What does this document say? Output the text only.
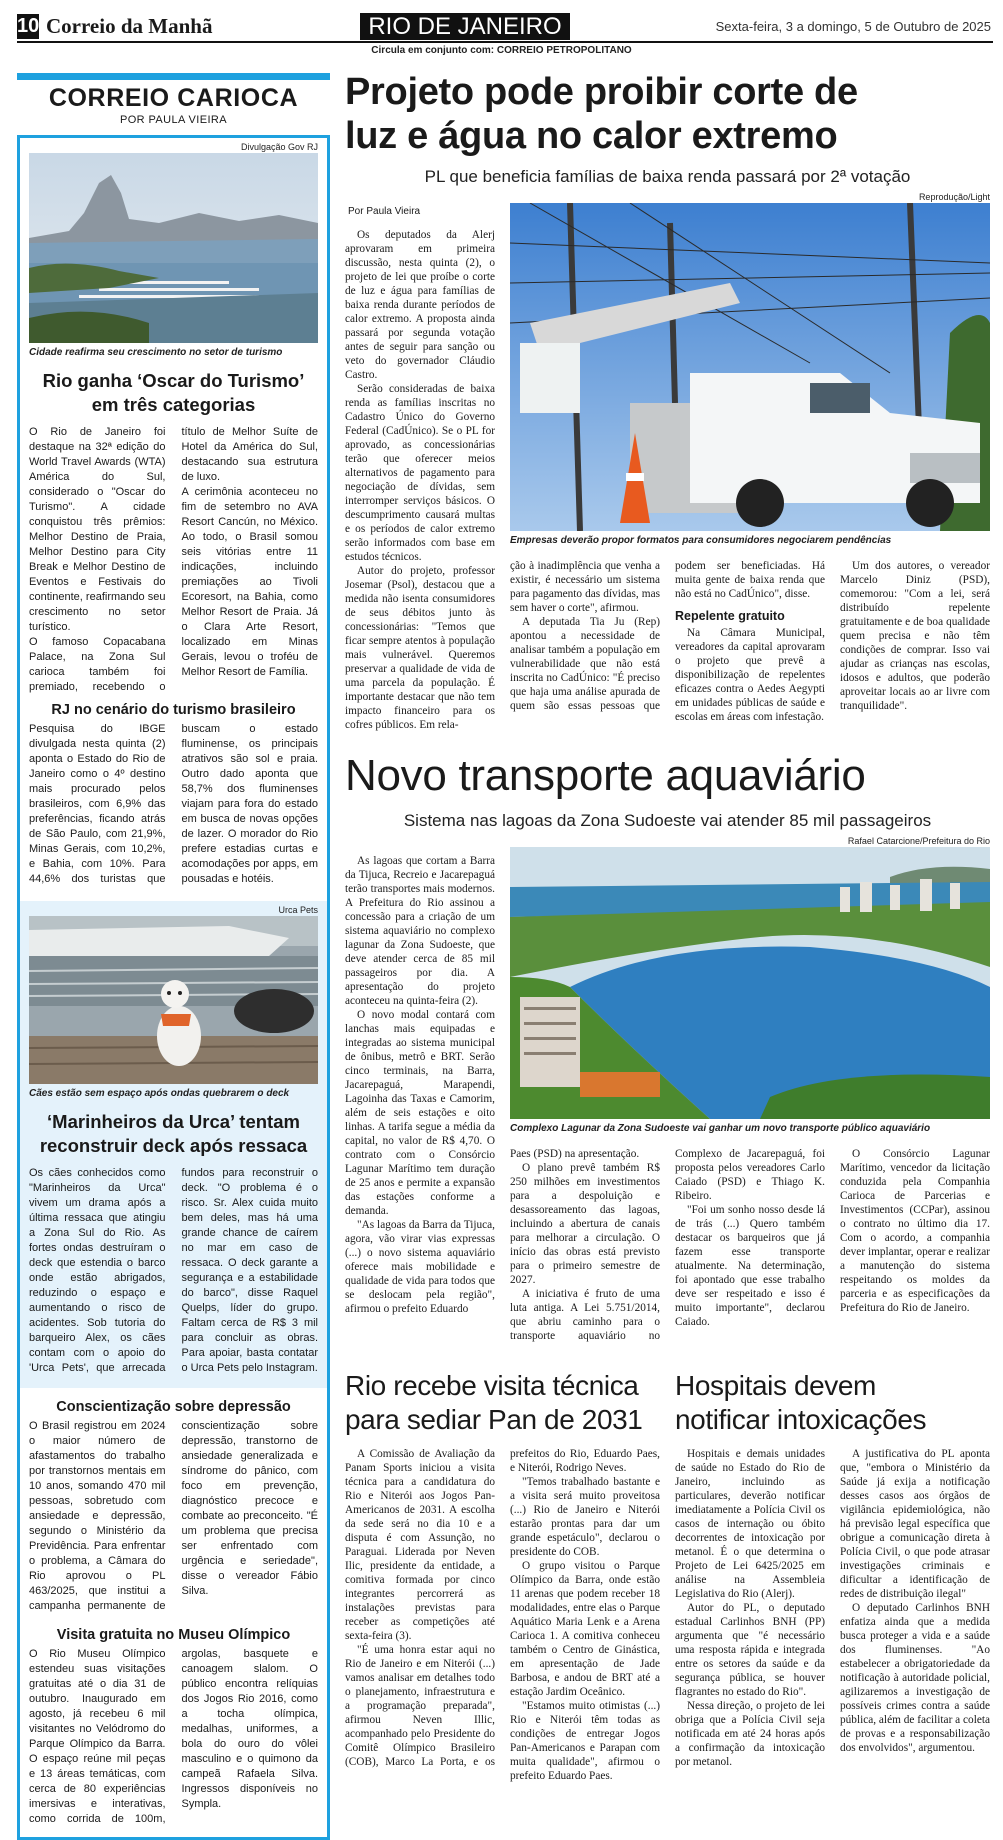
10 Correio da Manhã	RIO DE JANEIRO	Sexta-feira, 3 a domingo, 5 de Outubro de 2025
Circula em conjunto com: CORREIO PETROPOLITANO
CORREIO CARIOCA
POR PAULA VIEIRA
Divulgação Gov RJ
Cidade reafirma seu crescimento no setor de turismo
Rio ganha ‘Oscar do Turismo’ em três categorias

O Rio de Janeiro foi destaque na 32ª edição do World Travel Awards (WTA) América do Sul, considerado o "Oscar do Turismo". A cidade conquistou três prêmios: Melhor Destino de Praia, Melhor Destino para City Break e Melhor Destino de Eventos e Festivais do continente, reafirmando seu crescimento no setor turístico.

O famoso Copacabana Palace, na Zona Sul carioca também foi premiado, recebendo o título de Melhor Suíte de Hotel da América do Sul, destacando sua estrutura de luxo.

A cerimônia aconteceu no fim de setembro no AVA Resort Cancún, no México. Ao todo, o Brasil somou seis vitórias entre 11 indicações, incluindo premiações ao Tivoli Ecoresort, na Bahia, como Melhor Resort de Praia. Já o Clara Arte Resort, localizado em Minas Gerais, levou o troféu de Melhor Resort de Família.

RJ no cenário do turismo brasileiro

Pesquisa do IBGE divulgada nesta quinta (2) aponta o Estado do Rio de Janeiro como o 4º destino mais procurado pelos brasileiros, com 6,9% das preferências, ficando atrás de São Paulo, com 21,9%, Minas Gerais, com 10,2%, e Bahia, com 10%. Para 44,6% dos turistas que buscam o estado fluminense, os principais atrativos são sol e praia. Outro dado aponta que 58,7% dos fluminenses viajam para fora do estado em busca de novas opções de lazer. O morador do Rio prefere estadias curtas e acomodações por apps, em pousadas e hotéis.

Urca Pets
Cães estão sem espaço após ondas quebrarem o deck
‘Marinheiros da Urca’ tentam reconstruir deck após ressaca

Os cães conhecidos como "Marinheiros da Urca" vivem um drama após a última ressaca que atingiu a Zona Sul do Rio. As fortes ondas destruíram o deck que estendia o barco onde estão abrigados, reduzindo o espaço e aumentando o risco de acidentes. Sob tutoria do barqueiro Alex, os cães contam com o apoio do 'Urca Pets', que arrecada fundos para reconstruir o deck. "O problema é o risco. Sr. Alex cuida muito bem deles, mas há uma grande chance de caírem no mar em caso de ressaca. O deck garante a segurança e a estabilidade do barco", disse Raquel Quelps, líder do grupo. Faltam cerca de R$ 3 mil para concluir as obras. Para apoiar, basta contatar o Urca Pets pelo Instagram.

Conscientização sobre depressão

O Brasil registrou em 2024 o maior número de afastamentos do trabalho por transtornos mentais em 10 anos, somando 470 mil pessoas, sobretudo com ansiedade e depressão, segundo o Ministério da Previdência. Para enfrentar o problema, a Câmara do Rio aprovou o PL 463/2025, que institui a campanha permanente de conscientização sobre depressão, transtorno de ansiedade generalizada e síndrome do pânico, com foco em prevenção, diagnóstico precoce e combate ao preconceito. "É um problema que precisa ser enfrentado com urgência e seriedade", disse o vereador Fábio Silva.

Visita gratuita no Museu Olímpico

O Rio Museu Olímpico estendeu suas visitações gratuitas até o dia 31 de outubro. Inaugurado em agosto, já recebeu 6 mil visitantes no Velódromo do Parque Olímpico da Barra. O espaço reúne mil peças e 13 áreas temáticas, com cerca de 80 experiências imersivas e interativas, como corrida de 100m, argolas, basquete e canoagem slalom. O público encontra relíquias dos Jogos Rio 2016, como a tocha olímpica, medalhas, uniformes, a bola do ouro do vôlei masculino e o quimono da campeã Rafaela Silva. Ingressos disponíveis no Sympla.

Projeto pode proibir corte de
luz e água no calor extremo
PL que beneficia famílias de baixa renda passará por 2ª votação
Por Paula Vieira

Os deputados da Alerj aprovaram em primeira discussão, nesta quinta (2), o projeto de lei que proíbe o corte de luz e água para famílias de baixa renda durante períodos de calor extremo. A proposta ainda passará por segunda votação antes de seguir para sanção ou veto do governador Cláudio Castro.

Serão consideradas de baixa renda as famílias inscritas no Cadastro Único do Governo Federal (CadÚnico). Se o PL for aprovado, as concessionárias terão que oferecer meios alternativos de pagamento para negociação de dívidas, sem interromper serviços básicos. O descumprimento causará multas e os períodos de calor extremo serão informados com base em estudos técnicos.

Autor do projeto, professor Josemar (Psol), destacou que a medida não isenta consumidores de seus débitos junto às concessionárias: "Temos que ficar sempre atentos à população mais vulnerável. Queremos preservar a qualidade de vida de uma parcela da população. É importante destacar que não tem impacto financeiro para os cofres públicos. Em rela-

Reprodução/Light
Empresas deverão propor formatos para consumidores negociarem pendências

ção à inadimplência que venha a existir, é necessário um sistema para pagamento das dívidas, mas sem haver o corte", afirmou.

A deputada Tia Ju (Rep) apontou a necessidade de analisar também a população em vulnerabilidade que não está inscrita no CadÚnico: "É preciso que haja uma análise apurada de quem são essas pessoas que podem ser beneficiadas. Há muita gente de baixa renda que não está no CadÚnico", disse.

Repelente gratuito

Na Câmara Municipal, vereadores da capital aprovaram o projeto que prevê a disponibilização de repelentes eficazes contra o Aedes Aegypti em unidades públicas de saúde e escolas em áreas com infestação.

Um dos autores, o vereador Marcelo Diniz (PSD), comemorou: "Com a lei, será distribuído repelente gratuitamente e de boa qualidade quem precisa e não têm condições de comprar. Isso vai ajudar as crianças nas escolas, idosos e adultos, que poderão aproveitar locais ao ar livre com tranquilidade".

Novo transporte aquaviário
Sistema nas lagoas da Zona Sudoeste vai atender 85 mil passageiros

As lagoas que cortam a Barra da Tijuca, Recreio e Jacarepaguá terão transportes mais modernos. A Prefeitura do Rio assinou a concessão para a criação de um sistema aquaviário no complexo lagunar da Zona Sudoeste, que deve atender cerca de 85 mil passageiros por dia. A apresentação do projeto aconteceu na quinta-feira (2).

O novo modal contará com lanchas mais equipadas e integradas ao sistema municipal de ônibus, metrô e BRT. Serão cinco terminais, na Barra, Jacarepaguá, Marapendi, Lagoinha das Taxas e Camorim, além de seis estações e oito linhas. A tarifa segue a média da capital, no valor de R$ 4,70. O contrato com o Consórcio Lagunar Marítimo tem duração de 25 anos e permite a expansão das estações conforme a demanda.

"As lagoas da Barra da Tijuca, agora, vão virar vias expressas (...) o novo sistema aquaviário oferece mais mobilidade e qualidade de vida para todos que se deslocam pela região", afirmou o prefeito Eduardo

Rafael Catarcione/Prefeitura do Rio
Complexo Lagunar da Zona Sudoeste vai ganhar um novo transporte público aquaviário

Paes (PSD) na apresentação.

O plano prevê também R$ 250 milhões em investimentos para a despoluição e desassoreamento das lagoas, incluindo a abertura de canais para melhorar a circulação. O início das obras está previsto para o primeiro semestre de 2027.

A iniciativa é fruto de uma luta antiga. A Lei 5.751/2014, que abriu caminho para o transporte aquaviário no Complexo de Jacarepaguá, foi proposta pelos vereadores Carlo Caiado (PSD) e Thiago K. Ribeiro.

"Foi um sonho nosso desde lá de trás (...) Quero também destacar os barqueiros que já fazem esse transporte atualmente. Na determinação, foi apontado que esse trabalho deve ser respeitado e isso é muito importante", declarou Caiado.

O Consórcio Lagunar Marítimo, vencedor da licitação conduzida pela Companhia Carioca de Parcerias e Investimentos (CCPar), assinou o contrato no último dia 17. Com o acordo, a companhia dever implantar, operar e realizar a manutenção do sistema respeitando os moldes da parceria e as especificações da Prefeitura do Rio de Janeiro.

Rio recebe visita técnica
para sediar Pan de 2031

A Comissão de Avaliação da Panam Sports iniciou a visita técnica para a candidatura do Rio e Niterói aos Jogos Pan-Americanos de 2031. A escolha da sede será no dia 10 e a disputa é com Assunção, no Paraguai. Liderada por Neven Ilic, presidente da entidade, a comitiva formada por cinco integrantes percorrerá as instalações previstas para receber as competições até sexta-feira (3).

"É uma honra estar aqui no Rio de Janeiro e em Niterói (...) vamos analisar em detalhes todo o planejamento, infraestrutura e a programação preparada", afirmou Neven Illic, acompanhado pelo Presidente do Comitê Olímpico Brasileiro (COB), Marco La Porta, e os prefeitos do Rio, Eduardo Paes, e Niterói, Rodrigo Neves.

"Temos trabalhado bastante e a visita será muito proveitosa (...) Rio de Janeiro e Niterói estarão prontas para dar um grande espetáculo", declarou o presidente do COB.

O grupo visitou o Parque Olímpico da Barra, onde estão 11 arenas que podem receber 18 modalidades, entre elas o Parque Aquático Maria Lenk e a Arena Carioca 1. A comitiva conheceu também o Centro de Ginástica, em apresentação de Jade Barbosa, e andou de BRT até a estação Jardim Oceânico.

"Estamos muito otimistas (...) Rio e Niterói têm todas as condições de entregar Jogos Pan-Americanos e Parapan com muita qualidade", afirmou o prefeito Eduardo Paes.

Hospitais devem
notificar intoxicações

Hospitais e demais unidades de saúde no Estado do Rio de Janeiro, incluindo as particulares, deverão notificar imediatamente a Polícia Civil os casos de internação ou óbito decorrentes de intoxicação por metanol. É o que determina o Projeto de Lei 6425/2025 em análise na Assembleia Legislativa do Rio (Alerj).

Autor do PL, o deputado estadual Carlinhos BNH (PP) argumenta que "é necessário uma resposta rápida e integrada entre os setores da saúde e da segurança pública, se houver flagrantes no estado do Rio".

Nessa direção, o projeto de lei obriga que a Polícia Civil seja notificada em até 24 horas após a confirmação da intoxicação por metanol.

A justificativa do PL aponta que, "embora o Ministério da Saúde já exija a notificação desses casos aos órgãos de vigilância epidemiológica, não há previsão legal específica que obrigue a comunicação direta à Polícia Civil, o que pode atrasar investigações criminais e dificultar a identificação de redes de distribuição ilegal"

O deputado Carlinhos BNH enfatiza ainda que a medida busca proteger a vida e a saúde dos fluminenses. "Ao estabelecer a obrigatoriedade da notificação à autoridade policial, agilizaremos a investigação de possíveis crimes contra a saúde pública, além de facilitar a coleta de provas e a responsabilização dos envolvidos", argumentou.
